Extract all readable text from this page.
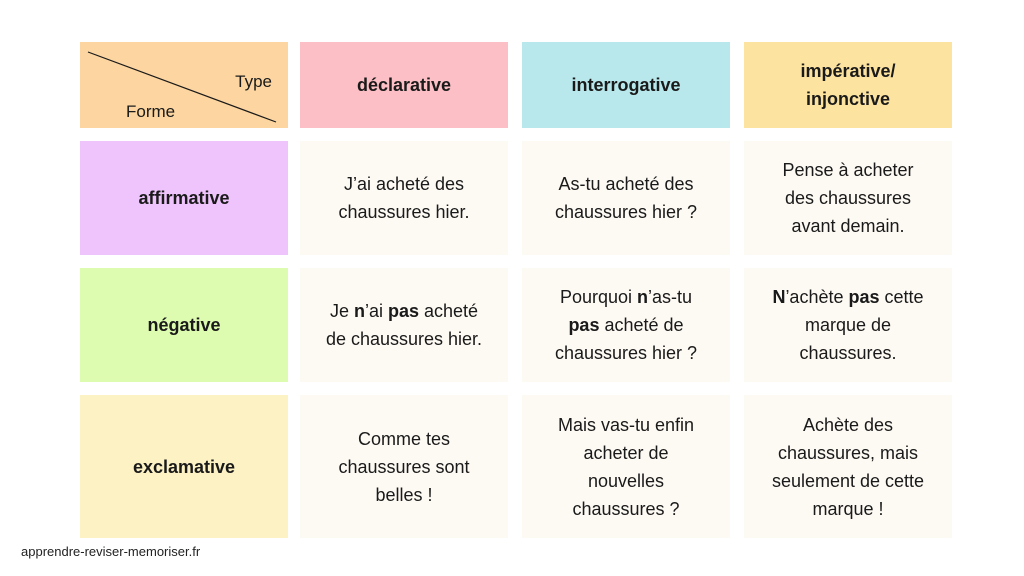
Type
Forme
déclarative	interrogative
impérative/
injonctive
affirmative
J’ai acheté des
chaussures hier.
As-tu acheté des
chaussures hier ?
Pense à acheter
des chaussures
avant demain.
négative
Je n’ai pas acheté
de chaussures hier.
Pourquoi n’as-tu
pas acheté de
chaussures hier ?
N’achète pas cette
marque de
chaussures.
exclamative
Comme tes
chaussures sont
belles !
Mais vas-tu enfin
acheter de
nouvelles
chaussures ?
Achète des
chaussures, mais
seulement de cette
marque !
apprendre-reviser-memoriser.fr
